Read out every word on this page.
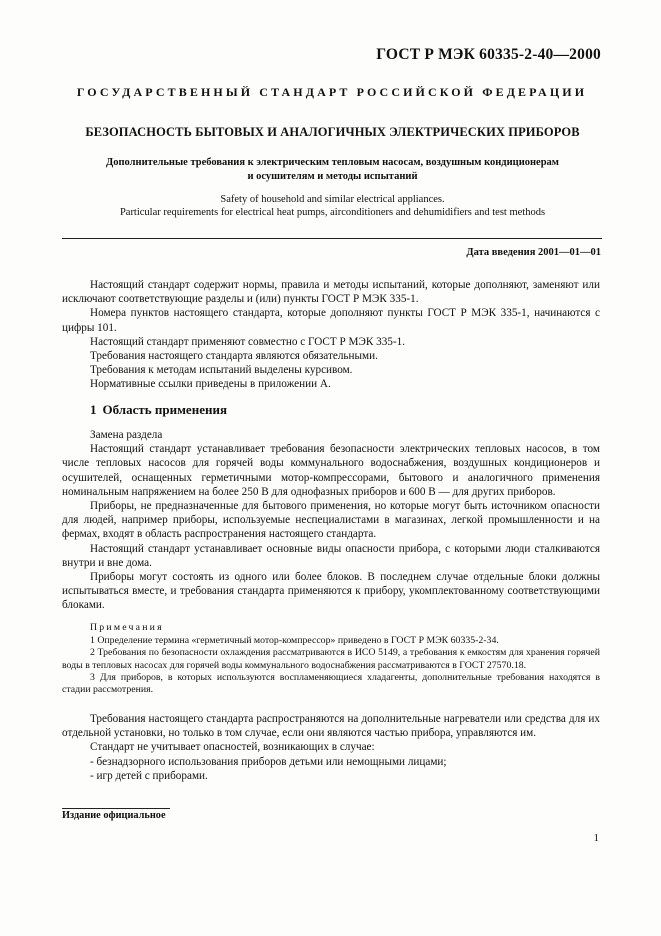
ГОСТ Р МЭК 60335-2-40—2000
ГОСУДАРСТВЕННЫЙ СТАНДАРТ РОССИЙСКОЙ ФЕДЕРАЦИИ
БЕЗОПАСНОСТЬ БЫТОВЫХ И АНАЛОГИЧНЫХ ЭЛЕКТРИЧЕСКИХ ПРИБОРОВ
Дополнительные требования к электрическим тепловым насосам, воздушным кондиционерам
и осушителям и методы испытаний
Safety of household and similar electrical appliances.
Particular requirements for electrical heat pumps, airconditioners and dehumidifiers and test methods
Дата введения 2001—01—01

Настоящий стандарт содержит нормы, правила и методы испытаний, которые дополняют, заменяют или исключают соответствующие разделы и (или) пункты ГОСТ Р МЭК 335-1.

Номера пунктов настоящего стандарта, которые дополняют пункты ГОСТ Р МЭК 335-1, начинаются с цифры 101.

Настоящий стандарт применяют совместно с ГОСТ Р МЭК 335-1.

Требования настоящего стандарта являются обязательными.

Требования к методам испытаний выделены курсивом.

Нормативные ссылки приведены в приложении А.

1 Область применения

Замена раздела

Настоящий стандарт устанавливает требования безопасности электрических тепловых насосов, в том числе тепловых насосов для горячей воды коммунального водоснабжения, воздушных кондиционеров и осушителей, оснащенных герметичными мотор-компрессорами, бытового и аналогичного применения номинальным напряжением на более 250 В для однофазных приборов и 600 В — для других приборов.

Приборы, не предназначенные для бытового применения, но которые могут быть источником опасности для людей, например приборы, используемые неспециалистами в магазинах, легкой промышленности и на фермах, входят в область распространения настоящего стандарта.

Настоящий стандарт устанавливает основные виды опасности прибора, с которыми люди сталкиваются внутри и вне дома.

Приборы могут состоять из одного или более блоков. В последнем случае отдельные блоки должны испытываться вместе, и требования стандарта применяются к прибору, укомплектованному соответствующими блоками.

Примечания

1 Определение термина «герметичный мотор-компрессор» приведено в ГОСТ Р МЭК 60335-2-34.

2 Требования по безопасности охлаждения рассматриваются в ИСО 5149, а требования к емкостям для хранения горячей воды в тепловых насосах для горячей воды коммунального водоснабжения рассматриваются в ГОСТ 27570.18.

3 Для приборов, в которых используются воспламеняющиеся хладагенты, дополнительные требования находятся в стадии рассмотрения.

Требования настоящего стандарта распространяются на дополнительные нагреватели или средства для их отдельной установки, но только в том случае, если они являются частью прибора, управляются им.

Стандарт не учитывает опасностей, возникающих в случае:

- безнадзорного использования приборов детьми или немощными лицами;

- игр детей с приборами.

Издание официальное
1
